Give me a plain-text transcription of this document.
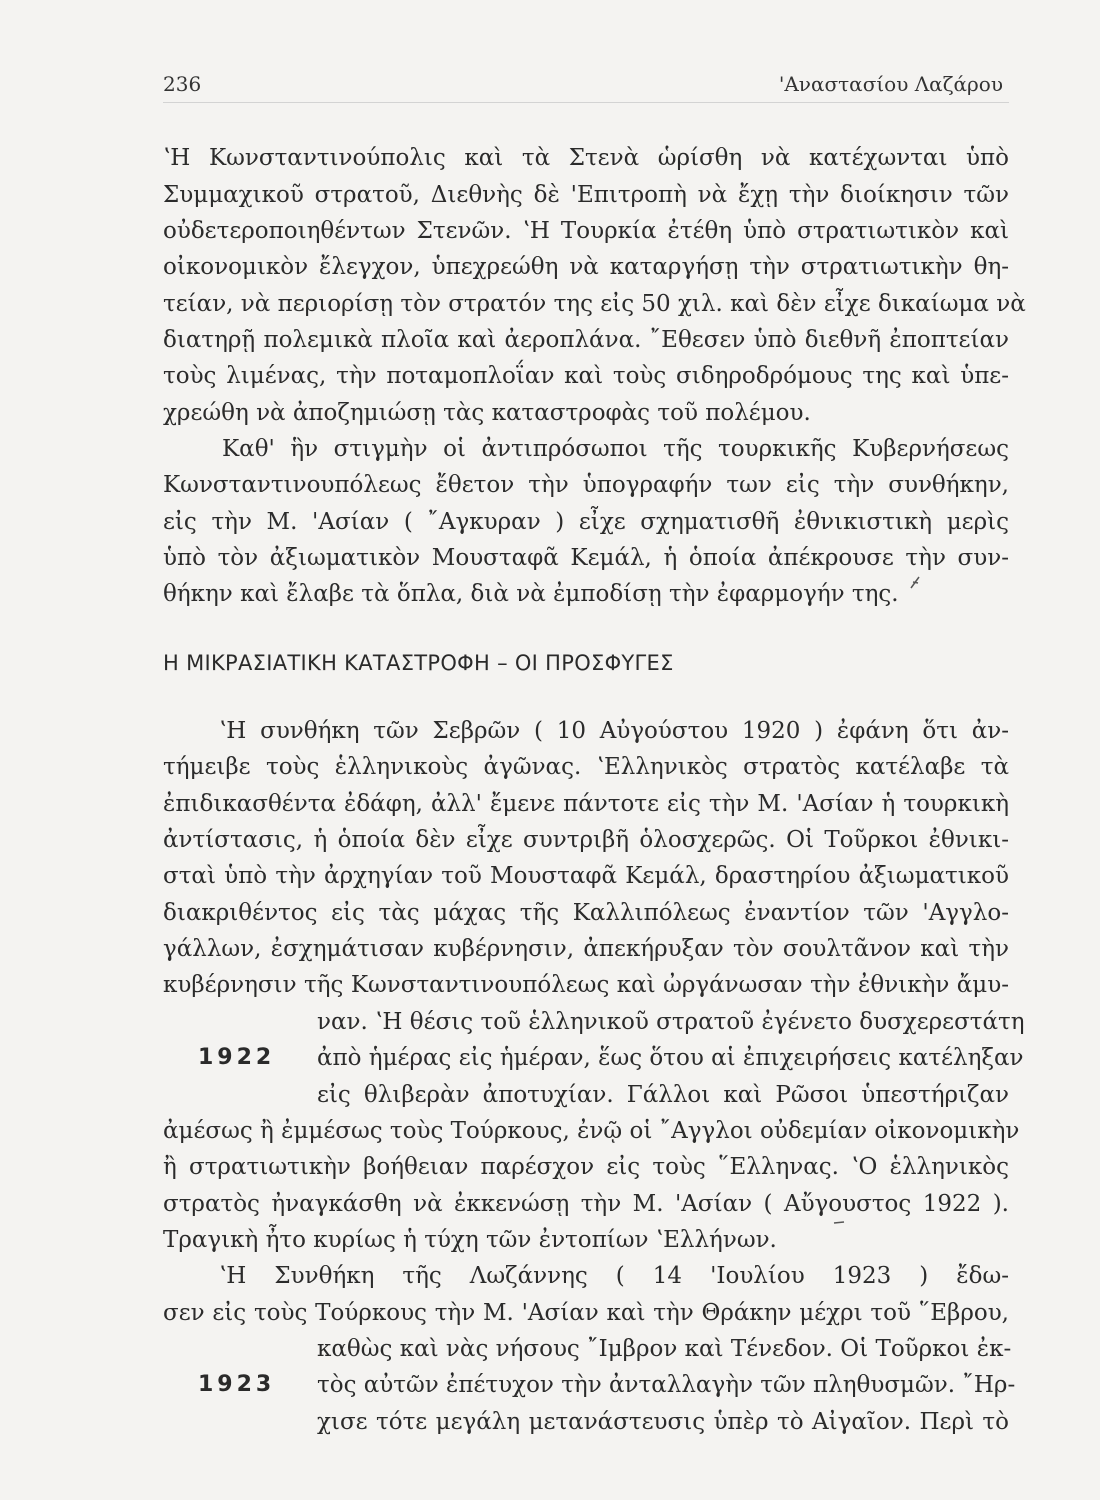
236	'Αναστασίου Λαζάρου
ʽΗ Κωνσταντινούπολις καὶ τὰ Στενὰ ὡρίσθη νὰ κατέχωνται ὑπὸ
Συμμαχικοῦ στρατοῦ, Διεθνὴς δὲ 'Επιτροπὴ νὰ ἔχῃ τὴν διοίκησιν τῶν
οὐδετεροποιηθέντων Στενῶν. ʽΗ Τουρκία ἐτέθη ὑπὸ στρατιωτικὸν καὶ
οἰκονομικὸν ἔλεγχον, ὑπεχρεώθη νὰ καταργήσῃ τὴν στρατιωτικὴν θη-
τείαν, νὰ περιορίσῃ τὸν στρατόν της εἰς 50 χιλ. καὶ δὲν εἶχε δικαίωμα νὰ
διατηρῇ πολεμικὰ πλοῖα καὶ ἀεροπλάνα. ῎Εθεσεν ὑπὸ διεθνῆ ἐποπτείαν
τοὺς λιμένας, τὴν ποταμοπλοΐαν καὶ τοὺς σιδηροδρόμους της καὶ ὑπε-
χρεώθη νὰ ἀποζημιώσῃ τὰς καταστροφὰς τοῦ πολέμου.
Καθ' ἣν στιγμὴν οἱ ἀντιπρόσωποι τῆς τουρκικῆς Κυβερνήσεως
Κωνσταντινουπόλεως ἔθετον τὴν ὑπογραφήν των εἰς τὴν συνθήκην,
εἰς τὴν Μ. 'Ασίαν ( ῎Αγκυραν ) εἶχε σχηματισθῆ ἐθνικιστικὴ μερὶς
ὑπὸ τὸν ἀξιωματικὸν Μουσταφᾶ Κεμάλ, ἡ ὁποία ἀπέκρουσε τὴν συν-
θήκην καὶ ἔλαβε τὰ ὅπλα, διὰ νὰ ἐμποδίσῃ τὴν ἐφαρμογήν της.
Η ΜΙΚΡΑΣΙΑΤΙΚΗ ΚΑΤΑΣΤΡΟΦΗ – ΟΙ ΠΡΟΣΦΥΓΕΣ
ʽΗ συνθήκη τῶν Σεβρῶν ( 10 Αὐγούστου 1920 ) ἐφάνη ὅτι ἀν-
τήμειβε τοὺς ἑλληνικοὺς ἀγῶνας. ʽΕλληνικὸς στρατὸς κατέλαβε τὰ
ἐπιδικασθέντα ἐδάφη, ἀλλ' ἔμενε πάντοτε εἰς τὴν Μ. 'Ασίαν ἡ τουρκικὴ
ἀντίστασις, ἡ ὁποία δὲν εἶχε συντριβῆ ὁλοσχερῶς. Οἱ Τοῦρκοι ἐθνικι-
σταὶ ὑπὸ τὴν ἀρχηγίαν τοῦ Μουσταφᾶ Κεμάλ, δραστηρίου ἀξιωματικοῦ
διακριθέντος εἰς τὰς μάχας τῆς Καλλιπόλεως ἐναντίον τῶν 'Αγγλο-
γάλλων, ἐσχημάτισαν κυβέρνησιν, ἀπεκήρυξαν τὸν σουλτᾶνον καὶ τὴν
κυβέρνησιν τῆς Κωνσταντινουπόλεως καὶ ὠργάνωσαν τὴν ἐθνικὴν ἄμυ-
ναν. ʽΗ θέσις τοῦ ἑλληνικοῦ στρατοῦ ἐγένετο δυσχερεστάτη
1922 ἀπὸ ἡμέρας εἰς ἡμέραν, ἕως ὅτου αἱ ἐπιχειρήσεις κατέληξαν
εἰς θλιβερὰν ἀποτυχίαν. Γάλλοι καὶ Ρῶσοι ὑπεστήριζαν
ἀμέσως ἢ ἐμμέσως τοὺς Τούρκους, ἐνῷ οἱ ῎Αγγλοι οὐδεμίαν οἰκονομικὴν
ἢ στρατιωτικὴν βοήθειαν παρέσχον εἰς τοὺς ῞Ελληνας. ʽΟ ἑλληνικὸς
στρατὸς ἠναγκάσθη νὰ ἐκκενώσῃ τὴν Μ. 'Ασίαν ( Αὔγουστος 1922 ).
Τραγικὴ ἦτο κυρίως ἡ τύχη τῶν ἐντοπίων ʽΕλλήνων.
ʽΗ Συνθήκη τῆς Λωζάννης ( 14 'Ιουλίου 1923 ) ἔδω-
σεν εἰς τοὺς Τούρκους τὴν Μ. 'Ασίαν καὶ τὴν Θράκην μέχρι τοῦ ῞Εβρου,
καθὼς καὶ νὰς νήσους ῎Ιμβρον καὶ Τένεδον. Οἱ Τοῦρκοι ἐκ-
1923 τὸς αὐτῶν ἐπέτυχον τὴν ἀνταλλαγὴν τῶν πληθυσμῶν. ῎Ηρ-
χισε τότε μεγάλη μετανάστευσις ὑπὲρ τὸ Αἰγαῖον. Περὶ τὸ
